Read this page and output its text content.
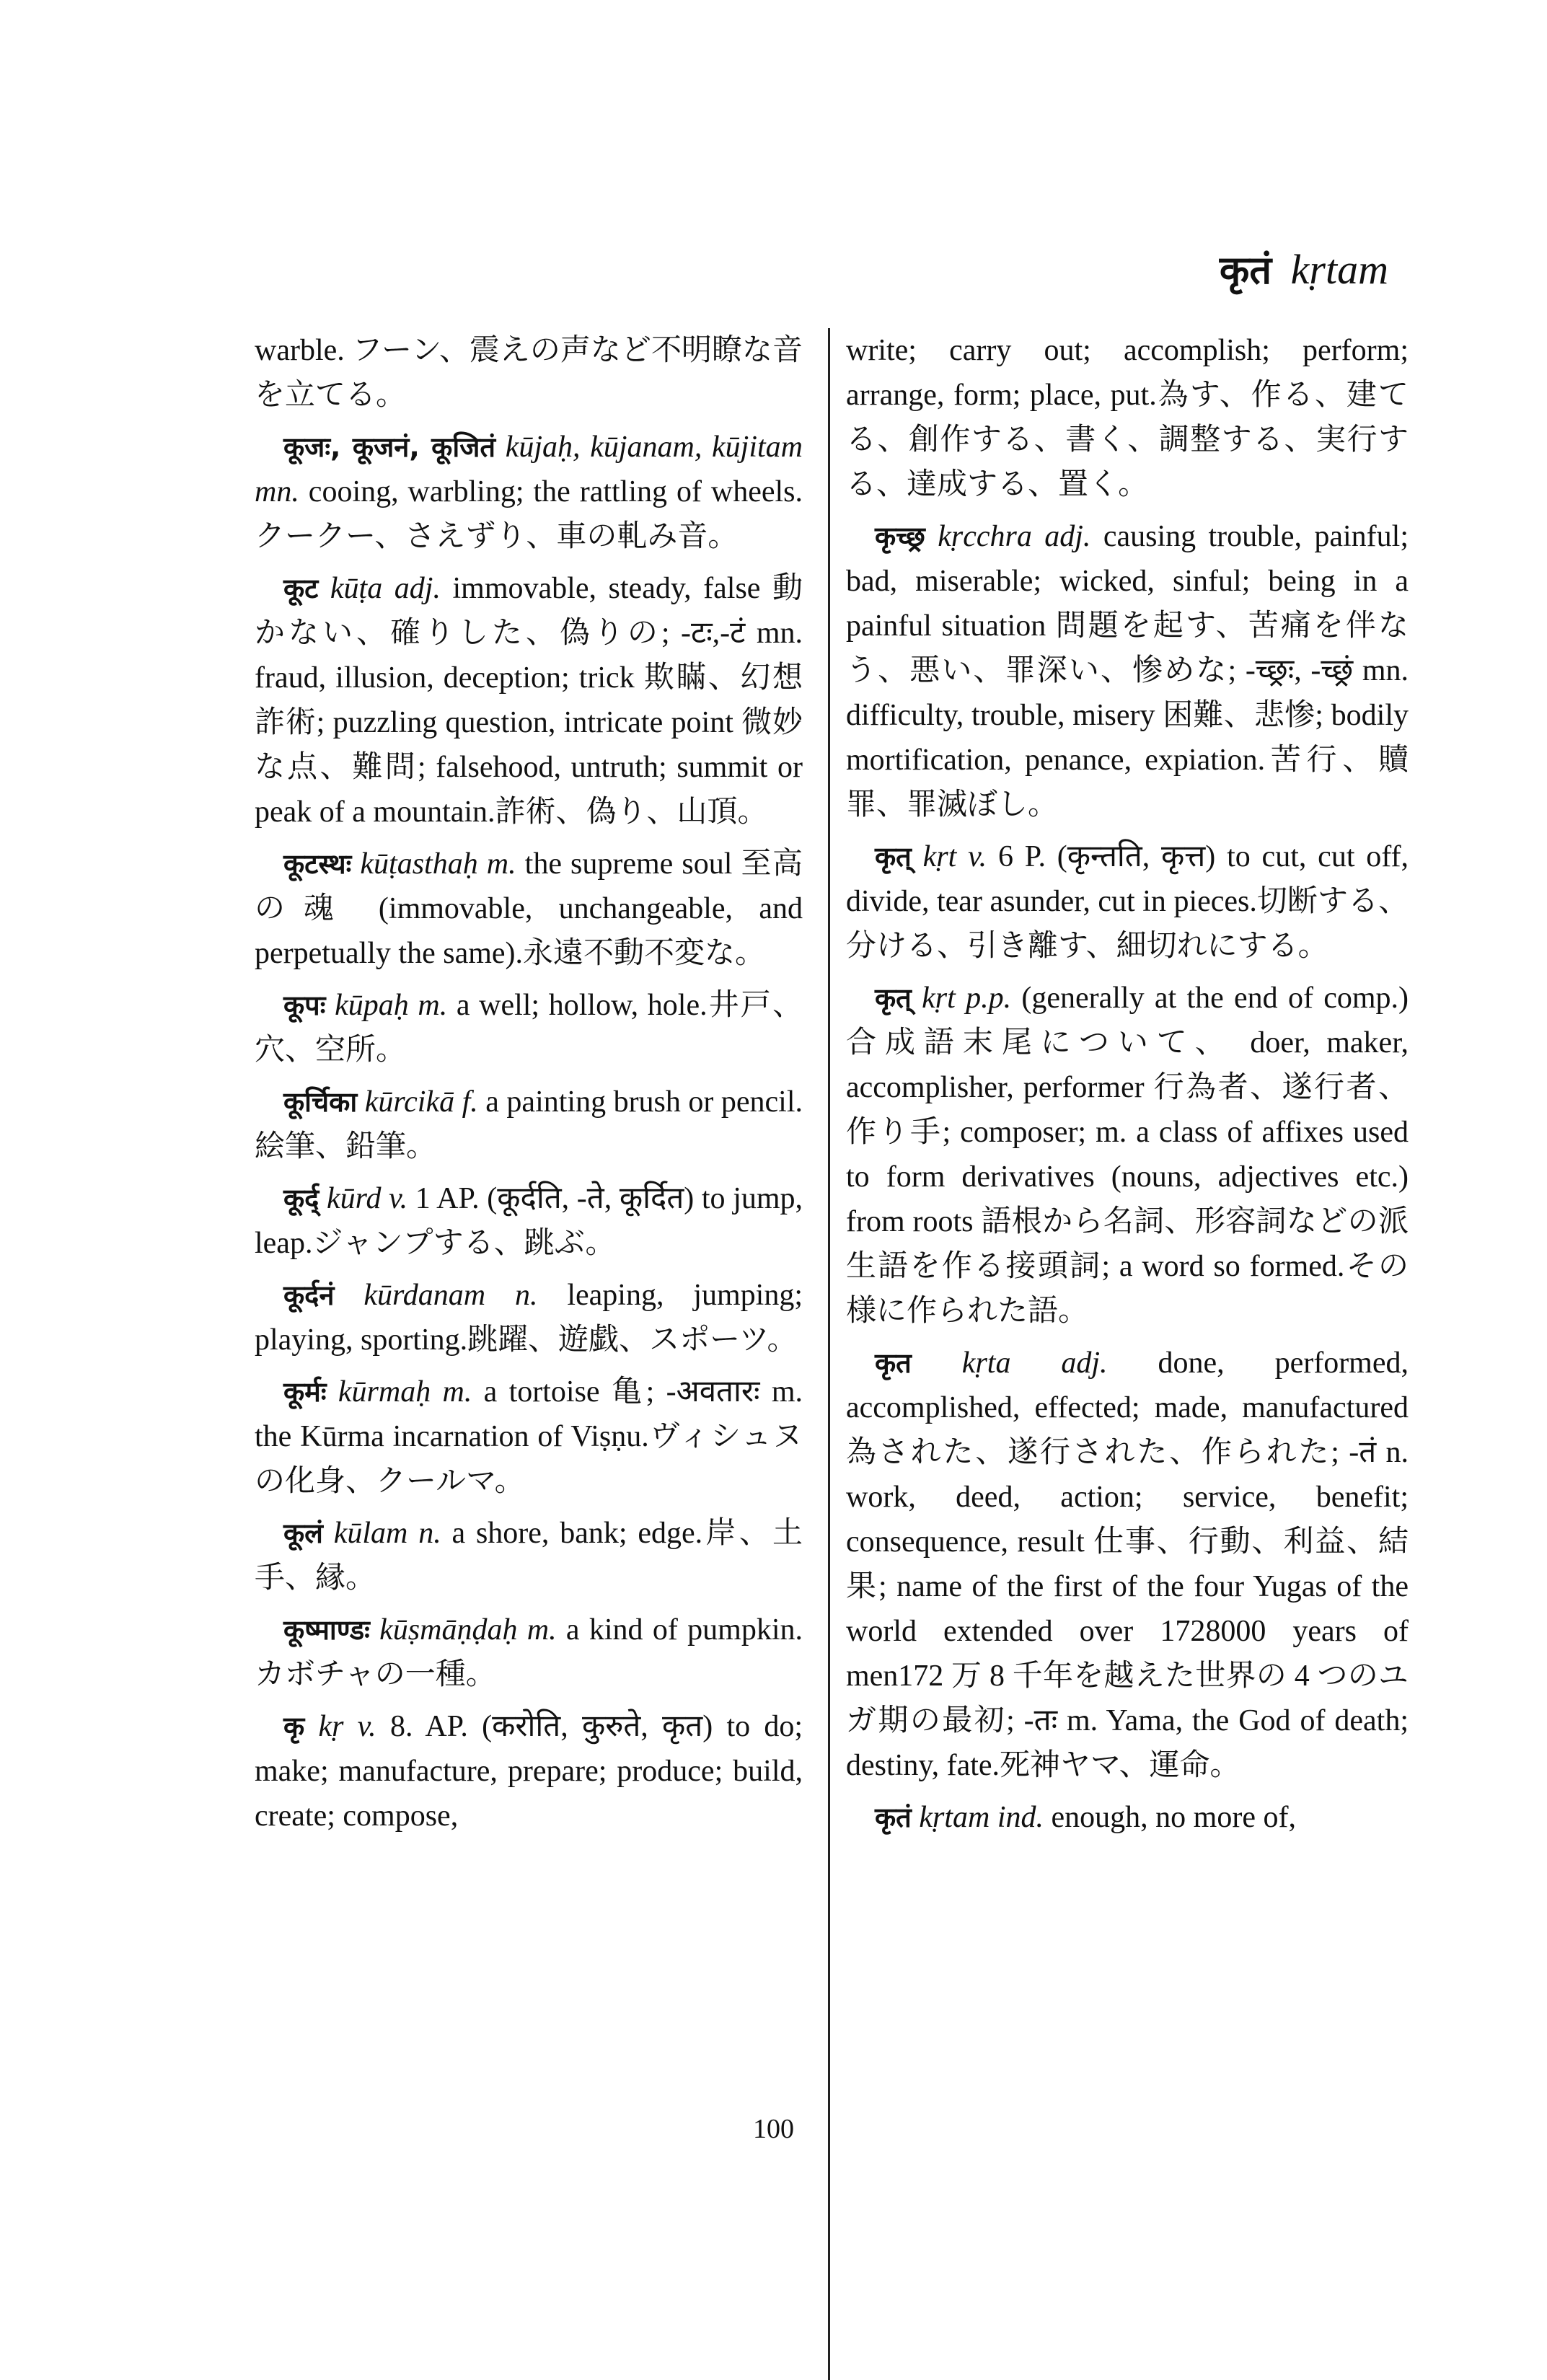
कृतं kṛtam

warble. フーン、震えの声など不明瞭な音を立てる。

कूजः, कूजनं, कूजितं kūjaḥ, kūjanam, kūjitam mn. cooing, warbling; the rattling of wheels.クークー、さえずり、車の軋み音。

कूट kūṭa adj. immovable, steady, false 動かない、確りした、偽りの; -टः,-टं mn. fraud, illusion, deception; trick 欺瞞、幻想詐術; puzzling question, intricate point 微妙な点、難問; falsehood, untruth; summit or peak of a mountain.詐術、偽り、山頂。

कूटस्थः kūṭasthaḥ m. the supreme soul 至高の魂 (immovable, unchangeable, and perpetually the same).永遠不動不変な。

कूपः kūpaḥ m. a well; hollow, hole.井戸、穴、空所。

कूर्चिका kūrcikā f. a painting brush or pencil.絵筆、鉛筆。

कूर्द् kūrd v. 1 AP. (कूर्दति, -ते, कूर्दित) to jump, leap.ジャンプする、跳ぶ。

कूर्दनं kūrdanam n. leaping, jumping; playing, sporting.跳躍、遊戯、スポーツ。

कूर्मः kūrmaḥ m. a tortoise 亀; -अवतारः m. the Kūrma incarnation of Viṣṇu.ヴィシュヌの化身、クールマ。

कूलं kūlam n. a shore, bank; edge.岸、土手、縁。

कूष्माण्डः kūṣmāṇḍaḥ m. a kind of pumpkin.カボチャの一種。

कृ kṛ v. 8. AP. (करोति, कुरुते, कृत) to do; make; manufacture, prepare; produce; build, create; compose,

write; carry out; accomplish; perform; arrange, form; place, put.為す、作る、建てる、創作する、書く、調整する、実行する、達成する、置く。

कृच्छ्र kṛcchra adj. causing trouble, painful; bad, miserable; wicked, sinful; being in a painful situation 問題を起す、苦痛を伴なう、悪い、罪深い、惨めな; -च्छ्रः, -च्छ्रं mn. difficulty, trouble, misery 困難、悲惨; bodily mortification, penance, expiation.苦行、贖罪、罪滅ぼし。

कृत् kṛt v. 6 P. (कृन्तति, कृत्त) to cut, cut off, divide, tear asunder, cut in pieces.切断する、分ける、引き離す、細切れにする。

कृत् kṛt p.p. (generally at the end of comp.)合成語末尾について、 doer, maker, accomplisher, performer 行為者、遂行者、作り手; composer; m. a class of affixes used to form derivatives (nouns, adjectives etc.) from roots 語根から名詞、形容詞などの派生語を作る接頭詞; a word so formed.その様に作られた語。

कृत kṛta adj. done, performed, accomplished, effected; made, manufactured 為された、遂行された、作られた; -तं n. work, deed, action; service, benefit; consequence, result 仕事、行動、利益、結果; name of the first of the four Yugas of the world extended over 1728000 years of men172 万 8 千年を越えた世界の 4 つのユガ期の最初; -तः m. Yama, the God of death; destiny, fate.死神ヤマ、運命。

कृतं kṛtam ind. enough, no more of,

100
